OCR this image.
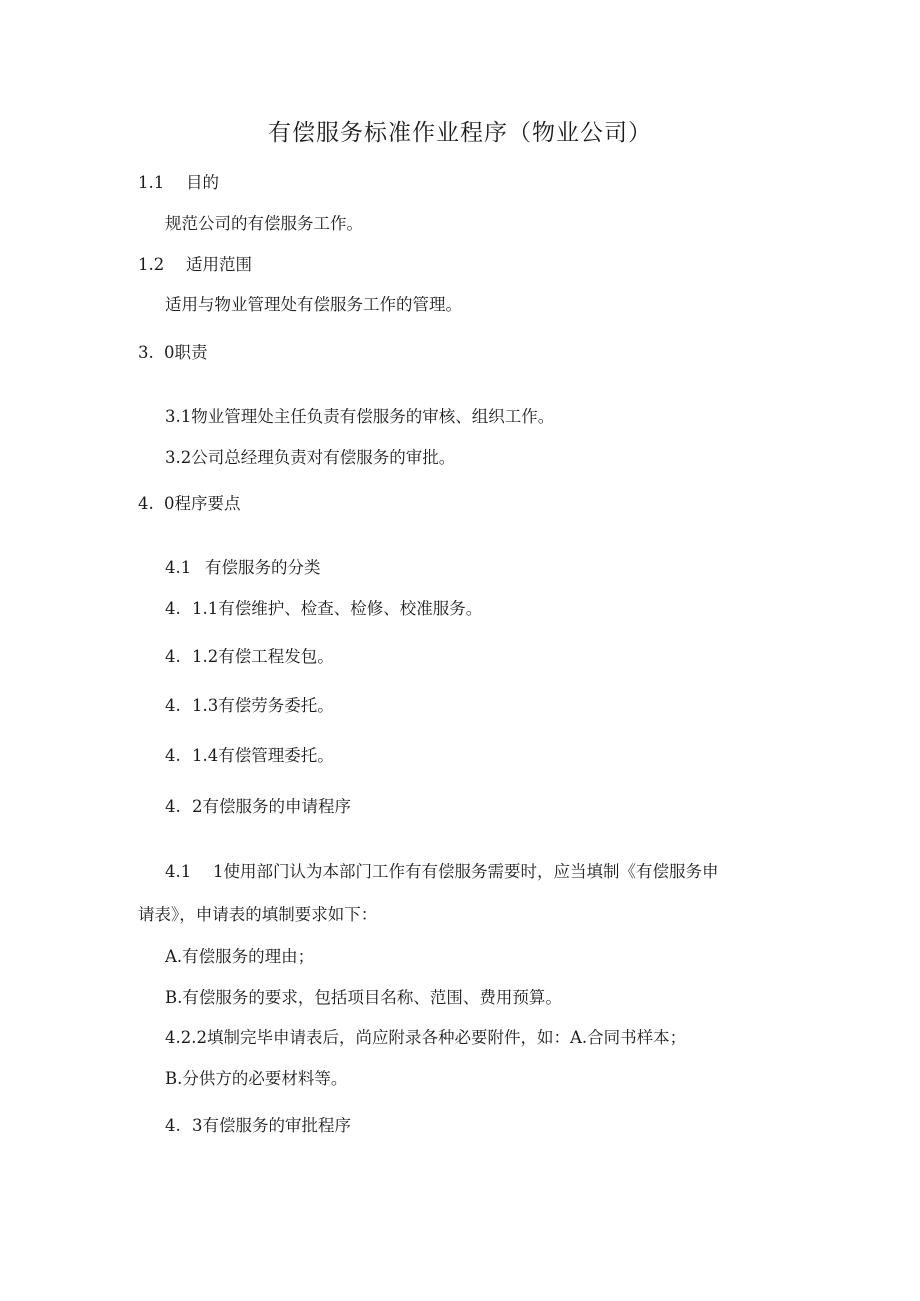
有偿服务标准作业程序（物业公司）
1.1 目的
规范公司的有偿服务工作。
1.2 适用范围
适用与物业管理处有偿服务工作的管理。
3. 0职责
3.1物业管理处主任负责有偿服务的审核、组织工作。
3.2公司总经理负责对有偿服务的审批。
4. 0程序要点
4.1 有偿服务的分类
4. 1.1有偿维护、检查、检修、校准服务。
4. 1.2有偿工程发包。
4. 1.3有偿劳务委托。
4. 1.4有偿管理委托。
4. 2有偿服务的申请程序
4.1 1使用部门认为本部门工作有有偿服务需要时，应当填制《有偿服务申
请表》，申请表的填制要求如下：
A.有偿服务的理由；
B.有偿服务的要求，包括项目名称、范围、费用预算。
4.2.2填制完毕申请表后，尚应附录各种必要附件，如：A.合同书样本；
B.分供方的必要材料等。
4. 3有偿服务的审批程序
